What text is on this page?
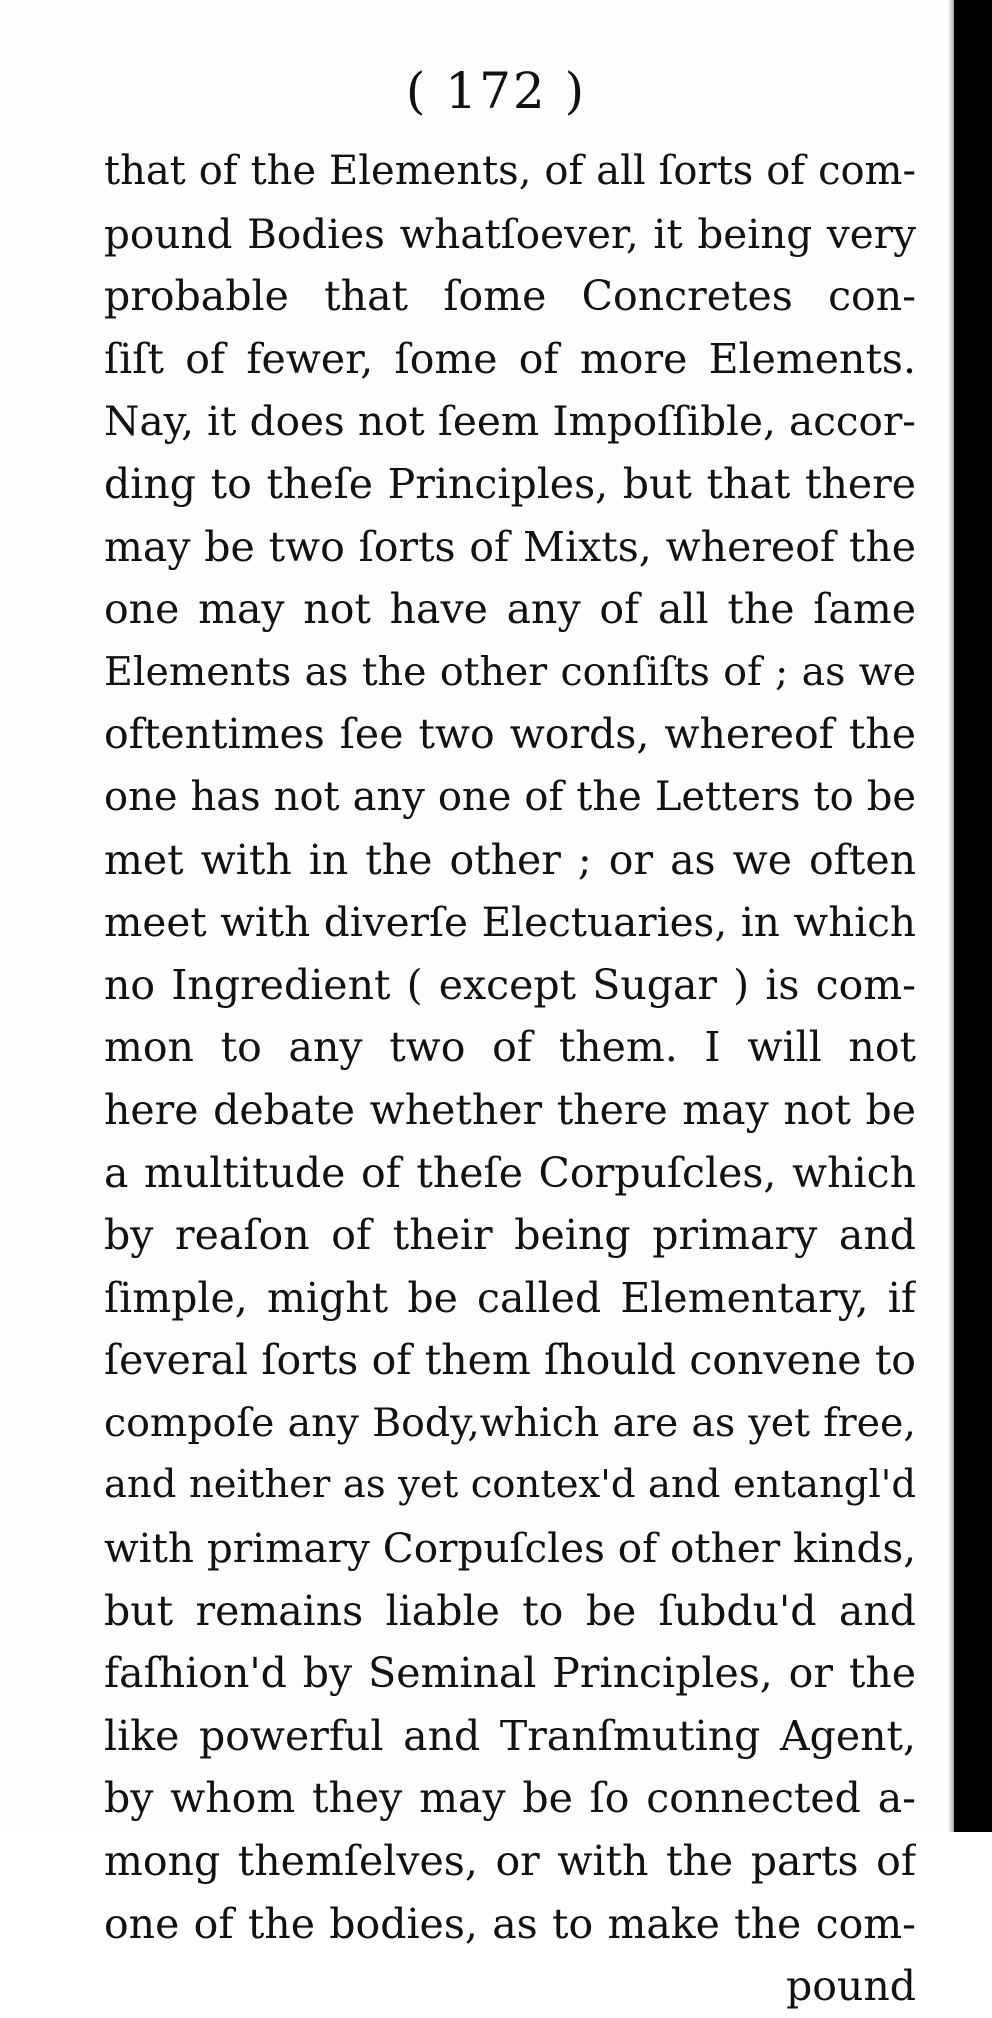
( 172 )
that of the Elements, of all ſorts of com-
pound Bodies whatſoever, it being very
probable that ſome Concretes con-
ſiſt of fewer, ſome of more Elements.
Nay, it does not ſeem Impoſſible, accor-
ding to theſe Principles, but that there
may be two ſorts of Mixts, whereof the
one may not have any of all the ſame
Elements as the other conſiſts of ; as we
oftentimes ſee two words, whereof the
one has not any one of the Letters to be
met with in the other ; or as we often
meet with diverſe Electuaries, in which
no Ingredient ( except Sugar ) is com-
mon to any two of them. I will not
here debate whether there may not be
a multitude of theſe Corpuſcles, which
by reaſon of their being primary and
ſimple, might be called Elementary, if
ſeveral ſorts of them ſhould convene to
compoſe any Body,which are as yet free,
and neither as yet contex'd and entangl'd
with primary Corpuſcles of other kinds,
but remains liable to be ſubdu'd and
faſhion'd by Seminal Principles, or the
like powerful and Tranſmuting Agent,
by whom they may be ſo connected a-
mong themſelves, or with the parts of
one of the bodies, as to make the com-
pound
